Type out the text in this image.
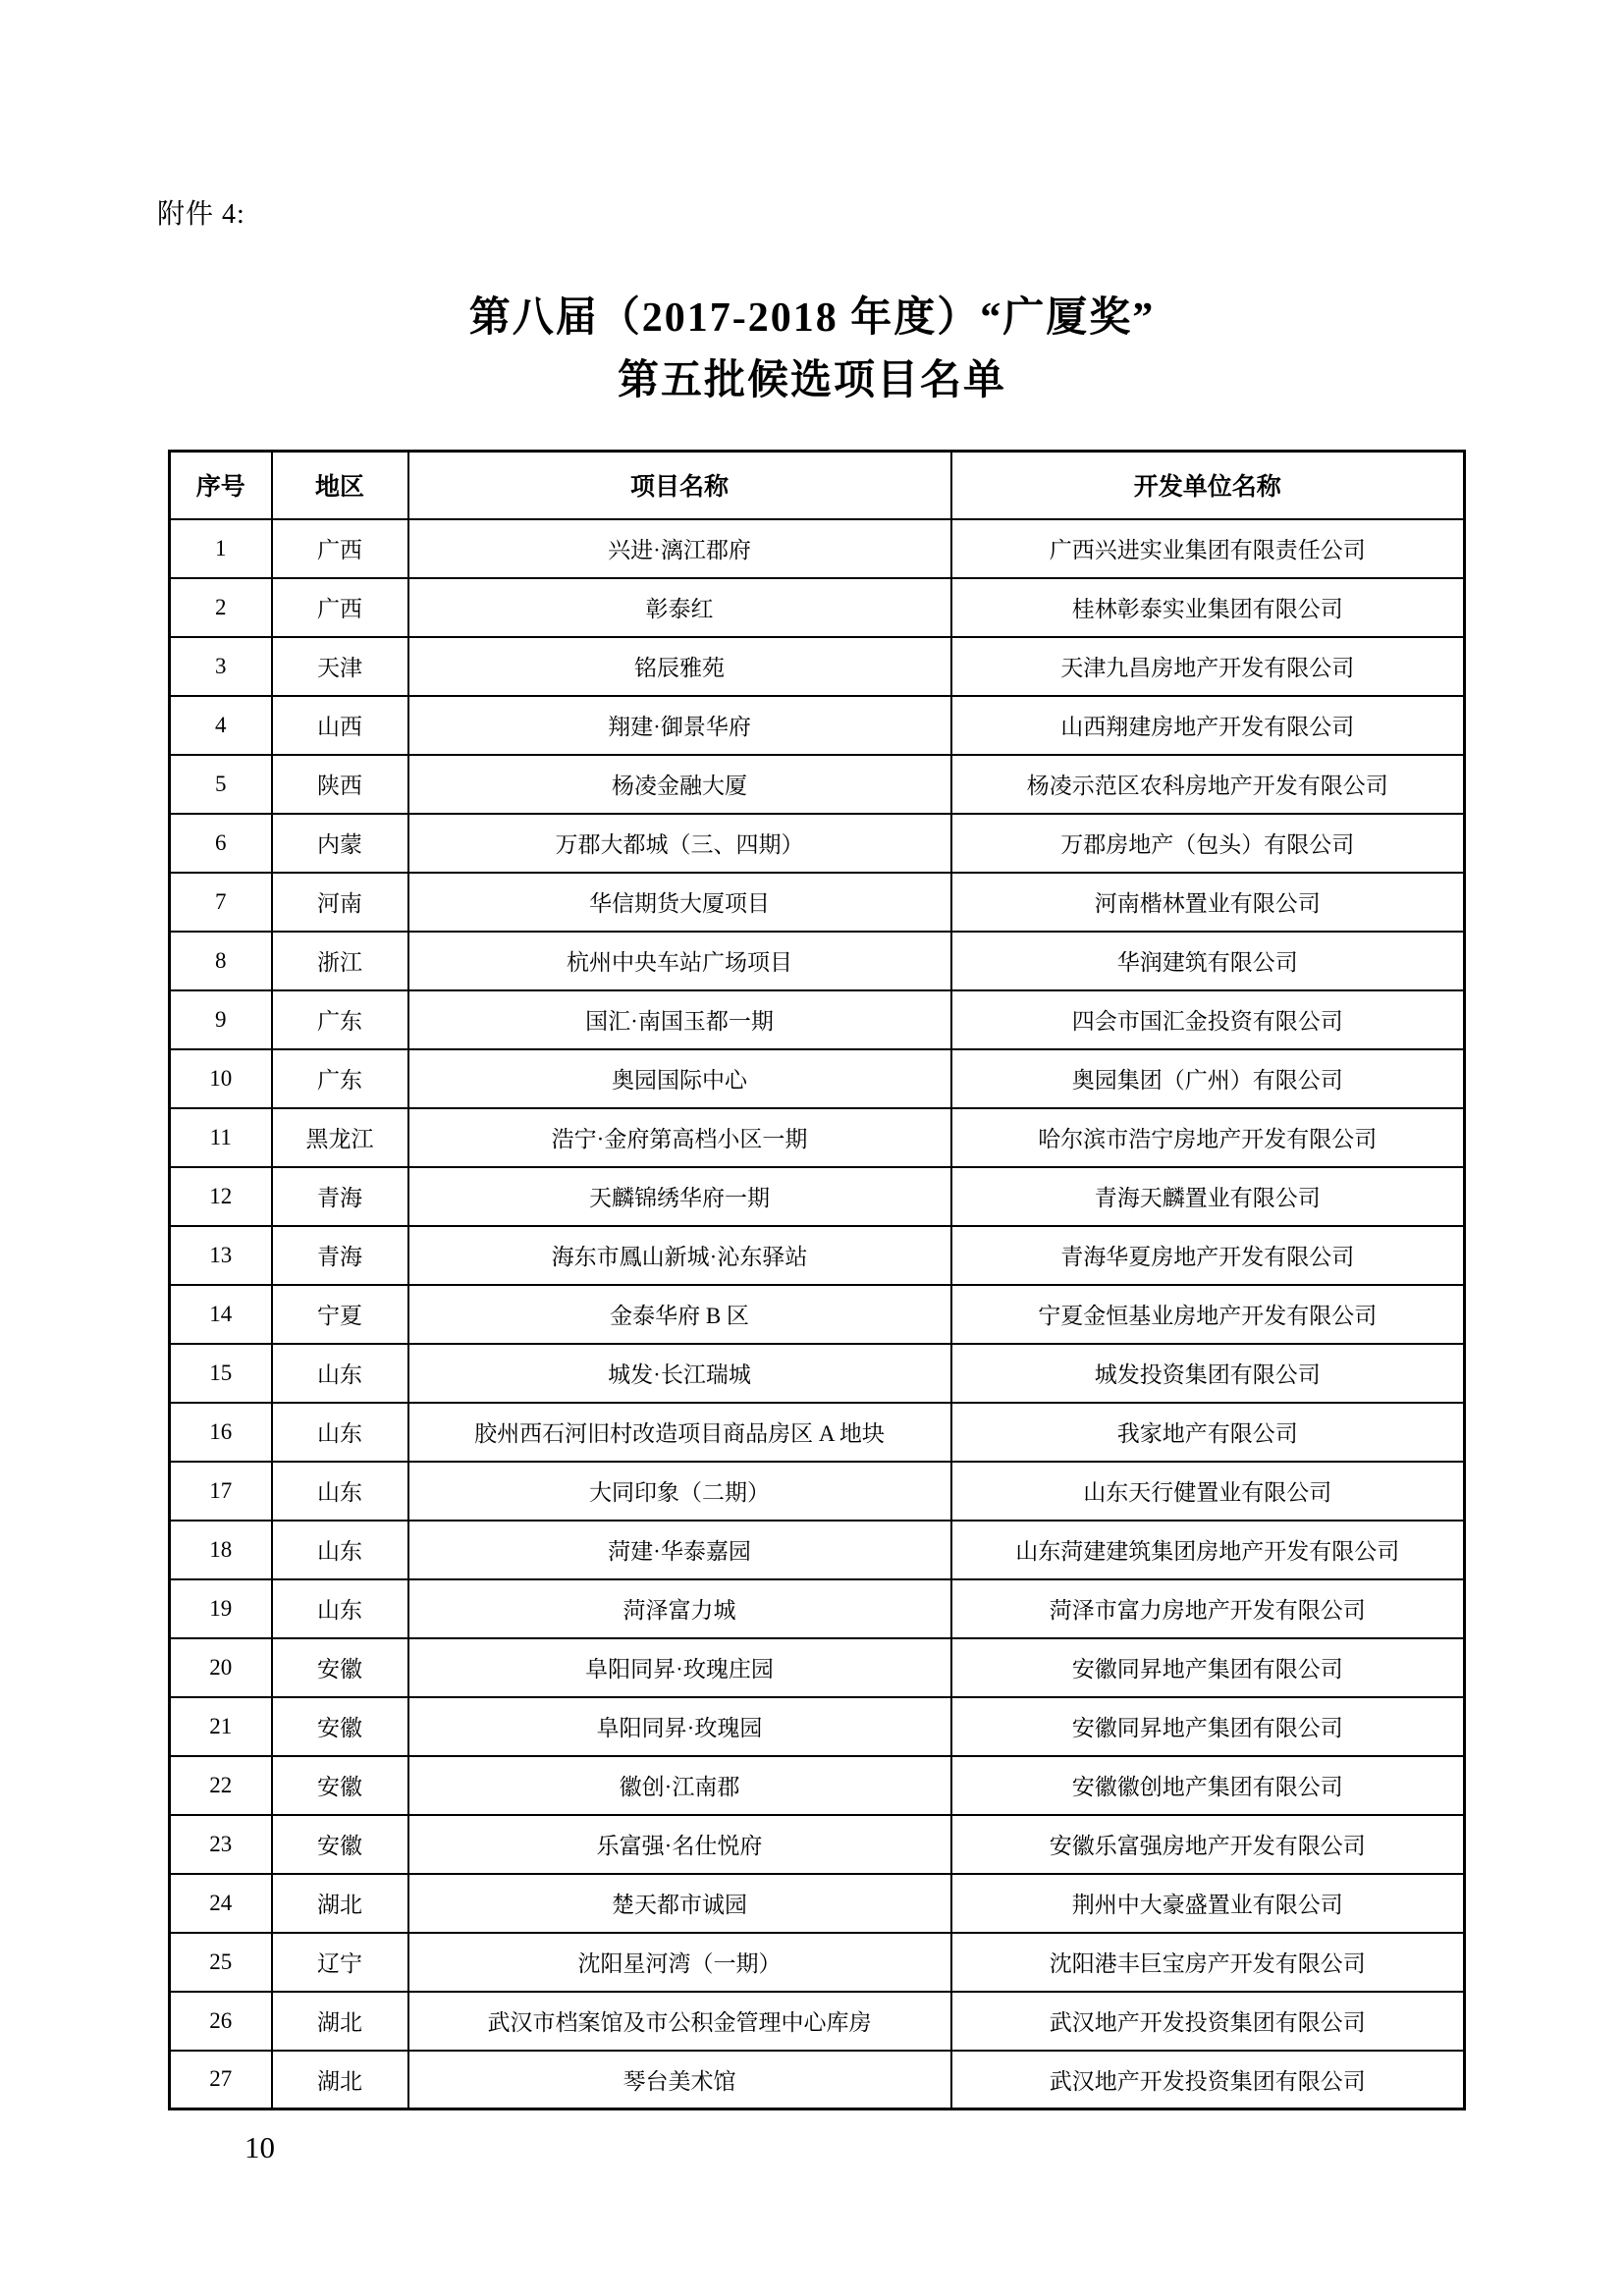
附件 4:
第八届（2017-2018 年度）“广厦奖”
第五批候选项目名单
序号	地区	项目名称	开发单位名称
1	广西	兴进·漓江郡府	广西兴进实业集团有限责任公司
2	广西	彰泰红	桂林彰泰实业集团有限公司
3	天津	铭辰雅苑	天津九昌房地产开发有限公司
4	山西	翔建·御景华府	山西翔建房地产开发有限公司
5	陕西	杨凌金融大厦	杨凌示范区农科房地产开发有限公司
6	内蒙	万郡大都城（三、四期）	万郡房地产（包头）有限公司
7	河南	华信期货大厦项目	河南楷林置业有限公司
8	浙江	杭州中央车站广场项目	华润建筑有限公司
9	广东	国汇·南国玉都一期	四会市国汇金投资有限公司
10	广东	奥园国际中心	奥园集团（广州）有限公司
11	黑龙江	浩宁·金府第高档小区一期	哈尔滨市浩宁房地产开发有限公司
12	青海	天麟锦绣华府一期	青海天麟置业有限公司
13	青海	海东市鳳山新城·沁东驿站	青海华夏房地产开发有限公司
14	宁夏	金泰华府 B 区	宁夏金恒基业房地产开发有限公司
15	山东	城发·长江瑞城	城发投资集团有限公司
16	山东	胶州西石河旧村改造项目商品房区 A 地块	我家地产有限公司
17	山东	大同印象（二期）	山东天行健置业有限公司
18	山东	菏建·华泰嘉园	山东菏建建筑集团房地产开发有限公司
19	山东	菏泽富力城	菏泽市富力房地产开发有限公司
20	安徽	阜阳同昇·玫瑰庄园	安徽同昇地产集团有限公司
21	安徽	阜阳同昇·玫瑰园	安徽同昇地产集团有限公司
22	安徽	徽创·江南郡	安徽徽创地产集团有限公司
23	安徽	乐富强·名仕悦府	安徽乐富强房地产开发有限公司
24	湖北	楚天都市诚园	荆州中大豪盛置业有限公司
25	辽宁	沈阳星河湾（一期）	沈阳港丰巨宝房产开发有限公司
26	湖北	武汉市档案馆及市公积金管理中心库房	武汉地产开发投资集团有限公司
27	湖北	琴台美术馆	武汉地产开发投资集团有限公司
10
